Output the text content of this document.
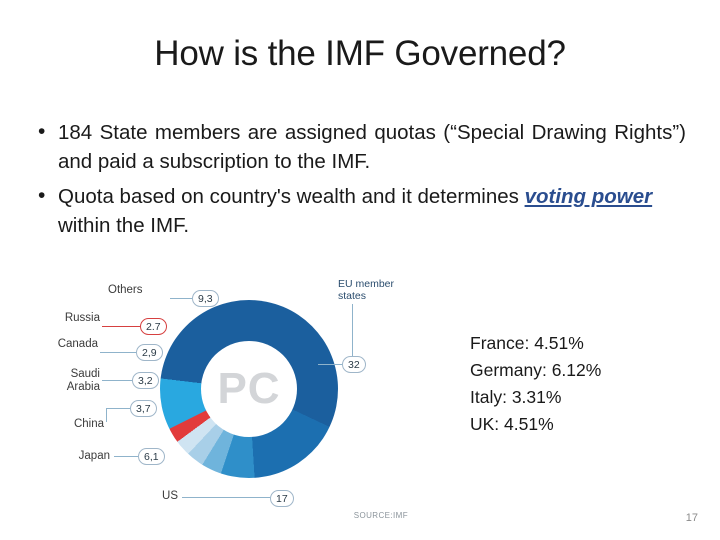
How is the IMF Governed?
• 184 State members are assigned quotas (“Special Drawing Rights”) and paid a subscription to the IMF.
• Quota based on country's wealth and it determines voting power within the IMF.
PC
EU member states
32
17
US
6,1
Japan
3,7
China
3,2
Saudi
Arabia
2.7
Russia
2,9
Canada
9,3
Others
SOURCE:IMF
France: 4.51%
Germany: 6.12%
Italy: 3.31%
UK: 4.51%
17
